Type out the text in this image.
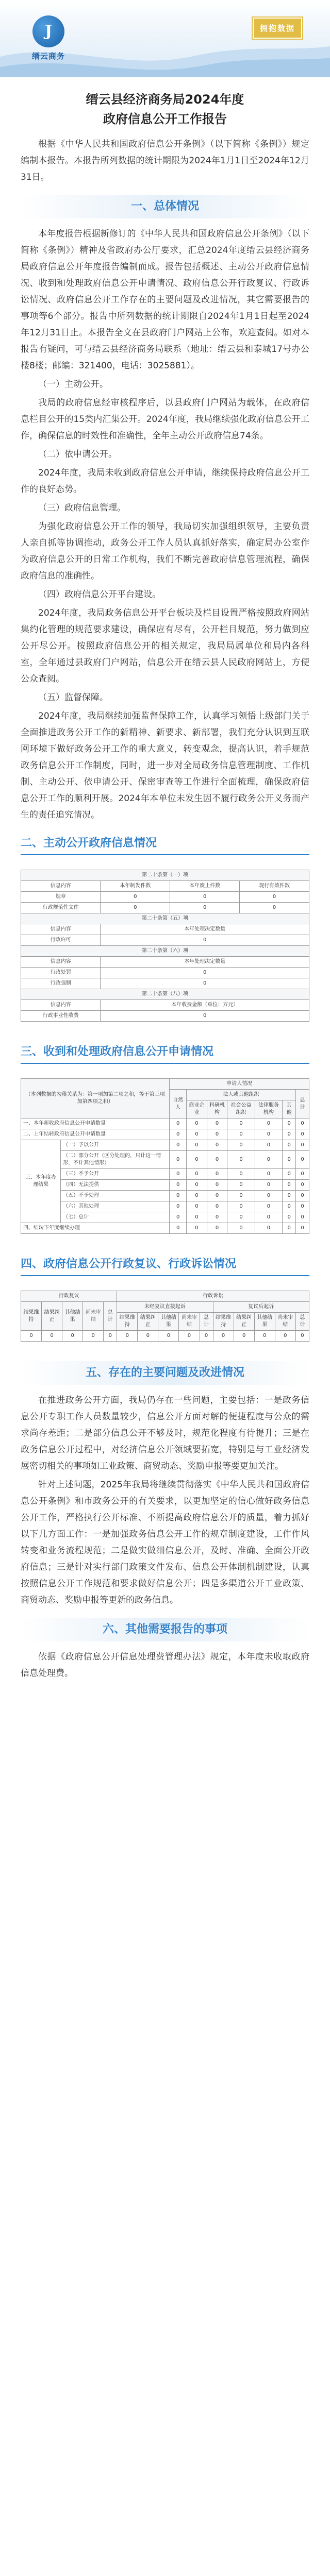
J
缙云商务
拥抱数据
缙云县经济商务局2024年度
政府信息公开工作报告

根据《中华人民共和国政府信息公开条例》（以下简称《条例》）规定编制本报告。本报告所列数据的统计期限为2024年1月1日至2024年12月31日。

一、总体情况

本年度报告根据新修订的《中华人民共和国政府信息公开条例》（以下简称《条例》）精神及省政府办公厅要求，汇总2024年度缙云县经济商务局政府信息公开年度报告编制而成。报告包括概述、主动公开政府信息情况、收到和处理政府信息公开申请情况、政府信息公开行政复议、行政诉讼情况、政府信息公开工作存在的主要问题及改进情况，其它需要报告的事项等6个部分。报告中所列数据的统计期限自2024年1月1日起至2024年12月31日止。本报告全文在县政府门户网站上公布，欢迎查阅。如对本报告有疑问，可与缙云县经济商务局联系（地址：缙云县和泰城17号办公楼8楼；邮编：321400，电话：3025881）。

（一）主动公开。

我局的政府信息经审核程序后，以县政府门户网站为载体，在政府信息栏目公开的15类内汇集公开。2024年度，我局继续强化政府信息公开工作，确保信息的时效性和准确性，全年主动公开政府信息74条。

（二）依申请公开。

2024年度，我局未收到政府信息公开申请，继续保持政府信息公开工作的良好态势。

（三）政府信息管理。

为强化政府信息公开工作的领导，我局切实加强组织领导，主要负责人亲自抓等协调推动，政务公开工作人员认真抓好落实，确定局办公室作为政府信息公开的日常工作机构，我们不断完善政府信息管理流程，确保政府信息的准确性。

（四）政府信息公开平台建设。

2024年度，我局政务信息公开平台板块及栏目设置严格按照政府网站集约化管理的规范要求建设，确保应有尽有，公开栏目规范，努力做到应公开尽公开。按照政府信息公开的相关规定，我局局属单位和局内各科室，全年通过县政府门户网站，信息公开在缙云县人民政府网站上，方便公众查阅。

（五）监督保障。

2024年度，我局继续加强监督保障工作，认真学习领悟上级部门关于全面推进政务公开工作的新精神、新要求、新部署，我们充分认识到互联网环境下做好政务公开工作的重大意义，转变观念，提高认识，着手规范政务信息公开工作制度，同时，进一步对全局政务信息管理制度、工作机制、主动公开、依申请公开、保密审查等工作进行全面梳理，确保政府信息公开工作的顺利开展。2024年本单位未发生因不履行政务公开义务而产生的责任追究情况。

二、主动公开政府信息情况
第二十条第（一）项			
信息内容	本年制发件数	本年废止件数	现行有效件数
规章	0	0	0
行政规范性文件	0	0	0
第二十条第（五）项			
信息内容	本年处理决定数量		
行政许可	0		
第二十条第（六）项			
信息内容	本年处理决定数量		
行政处罚	0		
行政强制	0		
第二十条第（八）项			
信息内容	本年收费金额（单位：万元）		
行政事业性收费	0		
三、收到和处理政府信息公开申请情况
（本列数据的勾稽关系为：第一项加第二项之和，等于第三项加第四项之和）		申请人情况						
		自然人	法人或其他组织					总计
			商业企业	科研机构	社会公益组织	法律服务机构	其他	
一、本年新收政府信息公开申请数量		0	0	0	0	0	0	0
二、上年结转政府信息公开申请数量		0	0	0	0	0	0	0
三、本年度办理结果	（一）予以公开	0	0	0	0	0	0	0
	（二）部分公开（区分处理的，只计这一情形，不计其他情形）	0	0	0	0	0	0	0
	（三）不予公开	0	0	0	0	0	0	0
	（四）无法提供	0	0	0	0	0	0	0
	（五）不予处理	0	0	0	0	0	0	0
	（六）其他处理	0	0	0	0	0	0	0
	（七）总计	0	0	0	0	0	0	0
四、结转下年度继续办理		0	0	0	0	0	0	0
四、政府信息公开行政复议、行政诉讼情况
行政复议					行政诉讼									
结果维持	结果纠正	其他结果	尚未审结	总计	未经复议直接起诉					复议后起诉				
					结果维持	结果纠正	其他结果	尚未审结	总计	结果维持	结果纠正	其他结果	尚未审结	总计
0	0	0	0	0	0	0	0	0	0	0	0	0	0	0
五、存在的主要问题及改进情况

在推进政务公开方面，我局仍存在一些问题，主要包括：一是政务信息公开专职工作人员数量较少，信息公开方面对解的便捷程度与公众的需求尚存差距；二是部分信息公开不够及时，规范化程度有待提升；三是在政务信息公开过程中，对经济信息公开领域要拓宽，特别是与工业经济发展密切相关的事项如工业政策、商贸动态、奖励申报等要更加关注。

针对上述问题，2025年我局将继续贯彻落实《中华人民共和国政府信息公开条例》和市政务公开的有关要求，以更加坚定的信心做好政务信息公开工作，严格执行公开标准、不断提高政府信息公开的质量，着力抓好以下几方面工作：一是加强政务信息公开工作的规章制度建设，工作作风转变和业务流程规范；二是做实做细信息公开，及时、准确、全面公开政府信息；三是针对实行部门政策文件发布、信息公开体制机制建设，认真按照信息公开工作规范和要求做好信息公开；四是多渠道公开工业政策、商贸动态、奖励申报等更新的政务信息。

六、其他需要报告的事项

依据《政府信息公开信息处理费管理办法》规定，本年度未收取政府信息处理费。
